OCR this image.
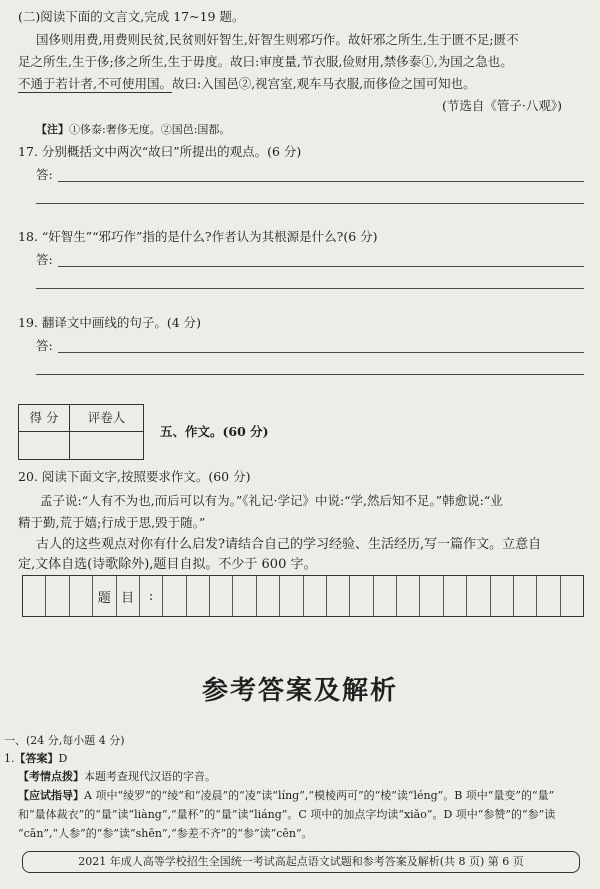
(二)阅读下面的文言文,完成 17~19 题。
国侈则用费,用费则民贫,民贫则奸智生,奸智生则邪巧作。故奸邪之所生,生于匮不足;匮不
足之所生,生于侈;侈之所生,生于毋度。故曰:审度量,节衣服,俭财用,禁侈泰①,为国之急也。
不通于若计者,不可使用国。故曰:入国邑②,视宫室,观车马衣服,而侈俭之国可知也。
(节选自《管子·八观》)
【注】①侈泰:奢侈无度。②国邑:国都。
17. 分别概括文中两次“故曰”所提出的观点。(6 分)
答:
18. “奸智生”“邪巧作”指的是什么?作者认为其根源是什么?(6 分)
答:
19. 翻译文中画线的句子。(4 分)
答:
得 分	评卷人
五、作文。(60 分)
20. 阅读下面文字,按照要求作文。(60 分)
孟子说:“人有不为也,而后可以有为。”《礼记·学记》中说:“学,然后知不足。”韩愈说:“业
精于勤,荒于嬉;行成于思,毁于随。”
古人的这些观点对你有什么启发?请结合自己的学习经验、生活经历,写一篇作文。立意自
定,文体自选(诗歌除外),题目自拟。不少于 600 字。
题 目	:
参考答案及解析
一、(24 分,每小题 4 分)
1.【答案】D
【考情点拨】本题考查现代汉语的字音。
【应试指导】A 项中“绫罗”的“绫”和“凌晨”的“凌”读“líng”,“模棱两可”的“棱”读“léng”。B 项中“量变”的“量”
和“量体裁衣”的“量”读“liàng”,“量杯”的“量”读“liáng”。C 项中的加点字均读“xiǎo”。D 项中“参赞”的“参”读
“cān”,“人参”的“参”读“shēn”,“参差不齐”的“参”读“cēn”。
2021 年成人高等学校招生全国统一考试高起点语文试题和参考答案及解析(共 8 页) 第 6 页
